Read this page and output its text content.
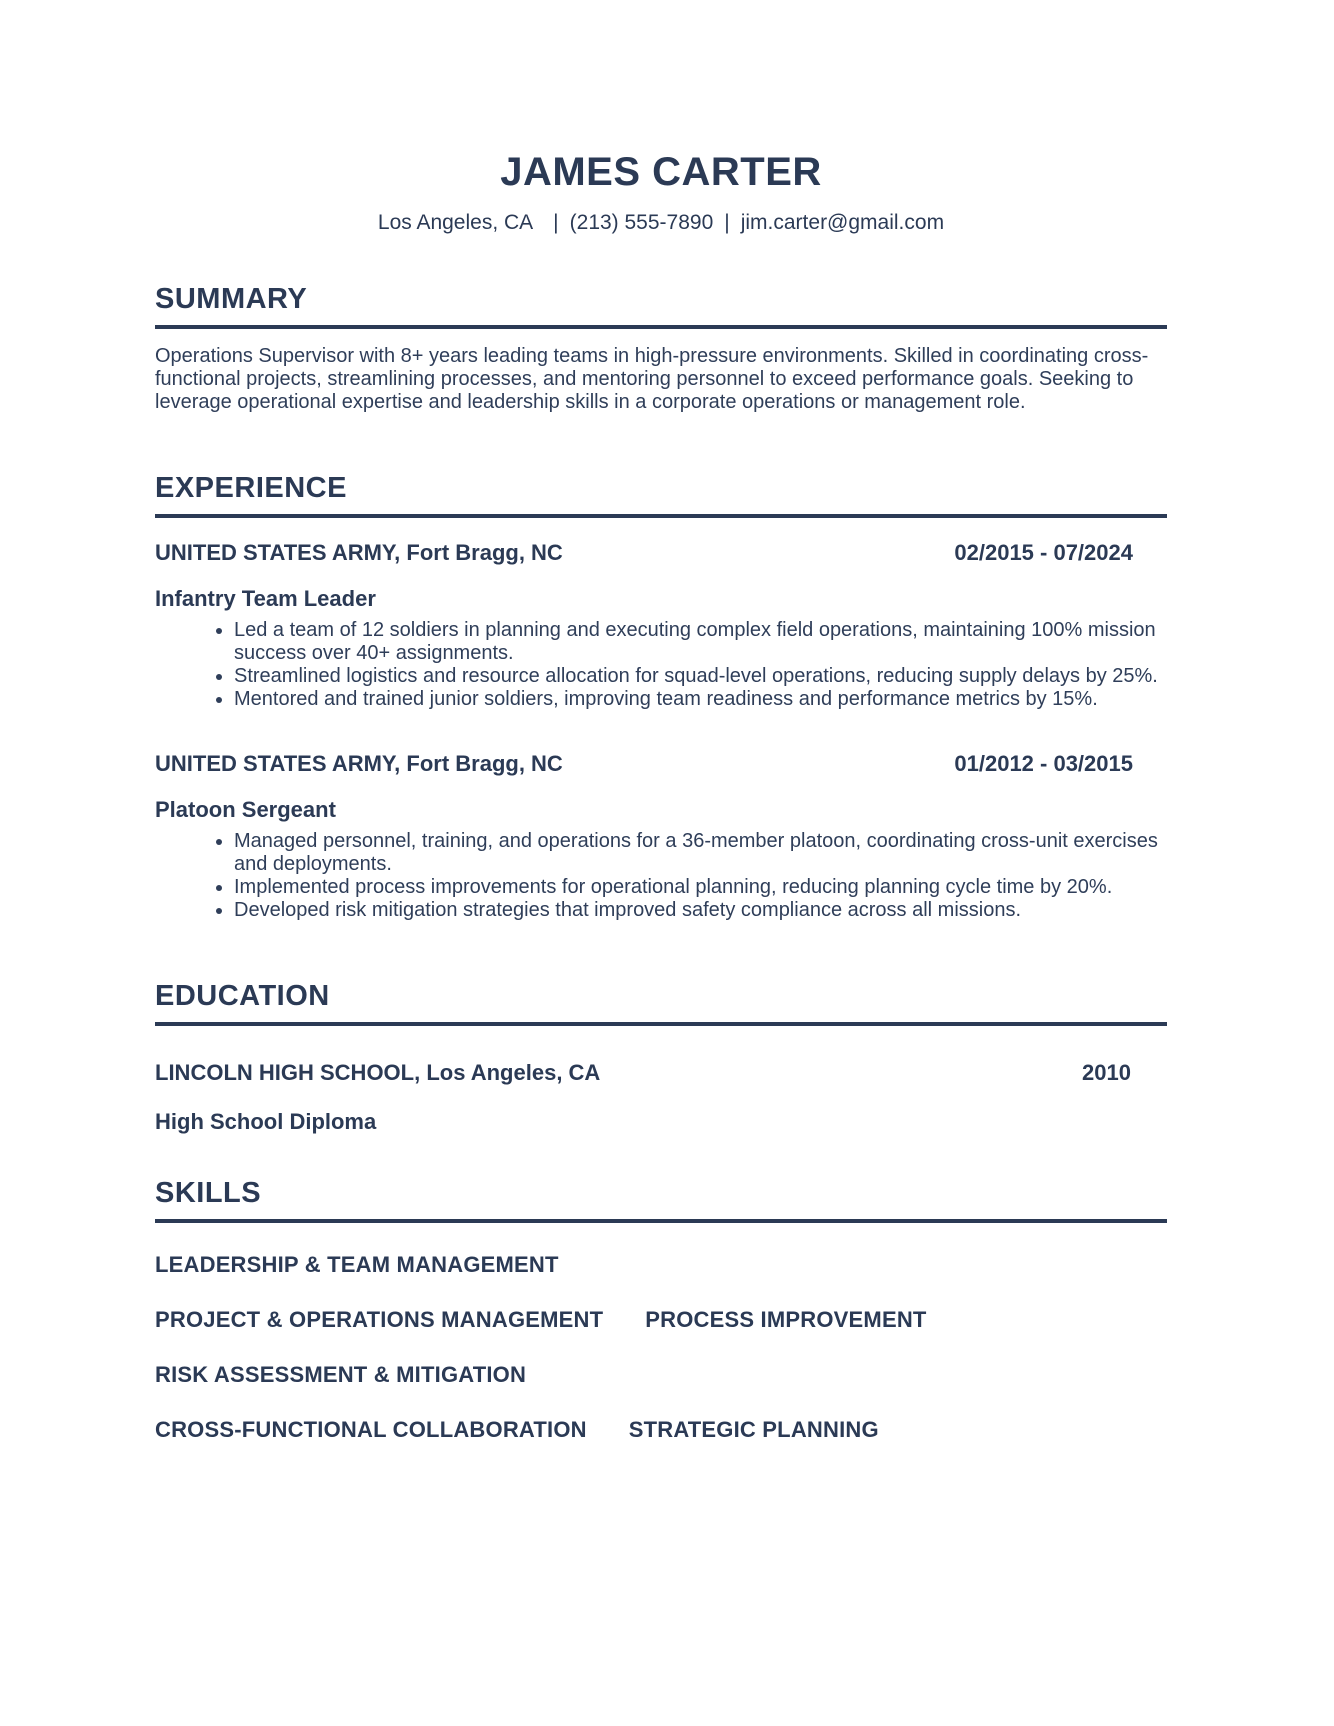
JAMES CARTER
Los Angeles, CA | (213) 555-7890 | jim.carter@gmail.com
SUMMARY

Operations Supervisor with 8+ years leading teams in high-pressure environments. Skilled in coordinating cross-functional projects, streamlining processes, and mentoring personnel to exceed performance goals. Seeking to leverage operational expertise and leadership skills in a corporate operations or management role.

EXPERIENCE
UNITED STATES ARMY, Fort Bragg, NC	02/2015 - 07/2024
Infantry Team Leader
• Led a team of 12 soldiers in planning and executing complex field operations, maintaining 100% mission success over 40+ assignments.
• Streamlined logistics and resource allocation for squad-level operations, reducing supply delays by 25%.
• Mentored and trained junior soldiers, improving team readiness and performance metrics by 15%.
UNITED STATES ARMY, Fort Bragg, NC	01/2012 - 03/2015
Platoon Sergeant
• Managed personnel, training, and operations for a 36-member platoon, coordinating cross-unit exercises and deployments.
• Implemented process improvements for operational planning, reducing planning cycle time by 20%.
• Developed risk mitigation strategies that improved safety compliance across all missions.
EDUCATION
LINCOLN HIGH SCHOOL, Los Angeles, CA	2010
High School Diploma
SKILLS
LEADERSHIP & TEAM MANAGEMENT
PROJECT & OPERATIONS MANAGEMENT PROCESS IMPROVEMENT
RISK ASSESSMENT & MITIGATION
CROSS-FUNCTIONAL COLLABORATION STRATEGIC PLANNING
